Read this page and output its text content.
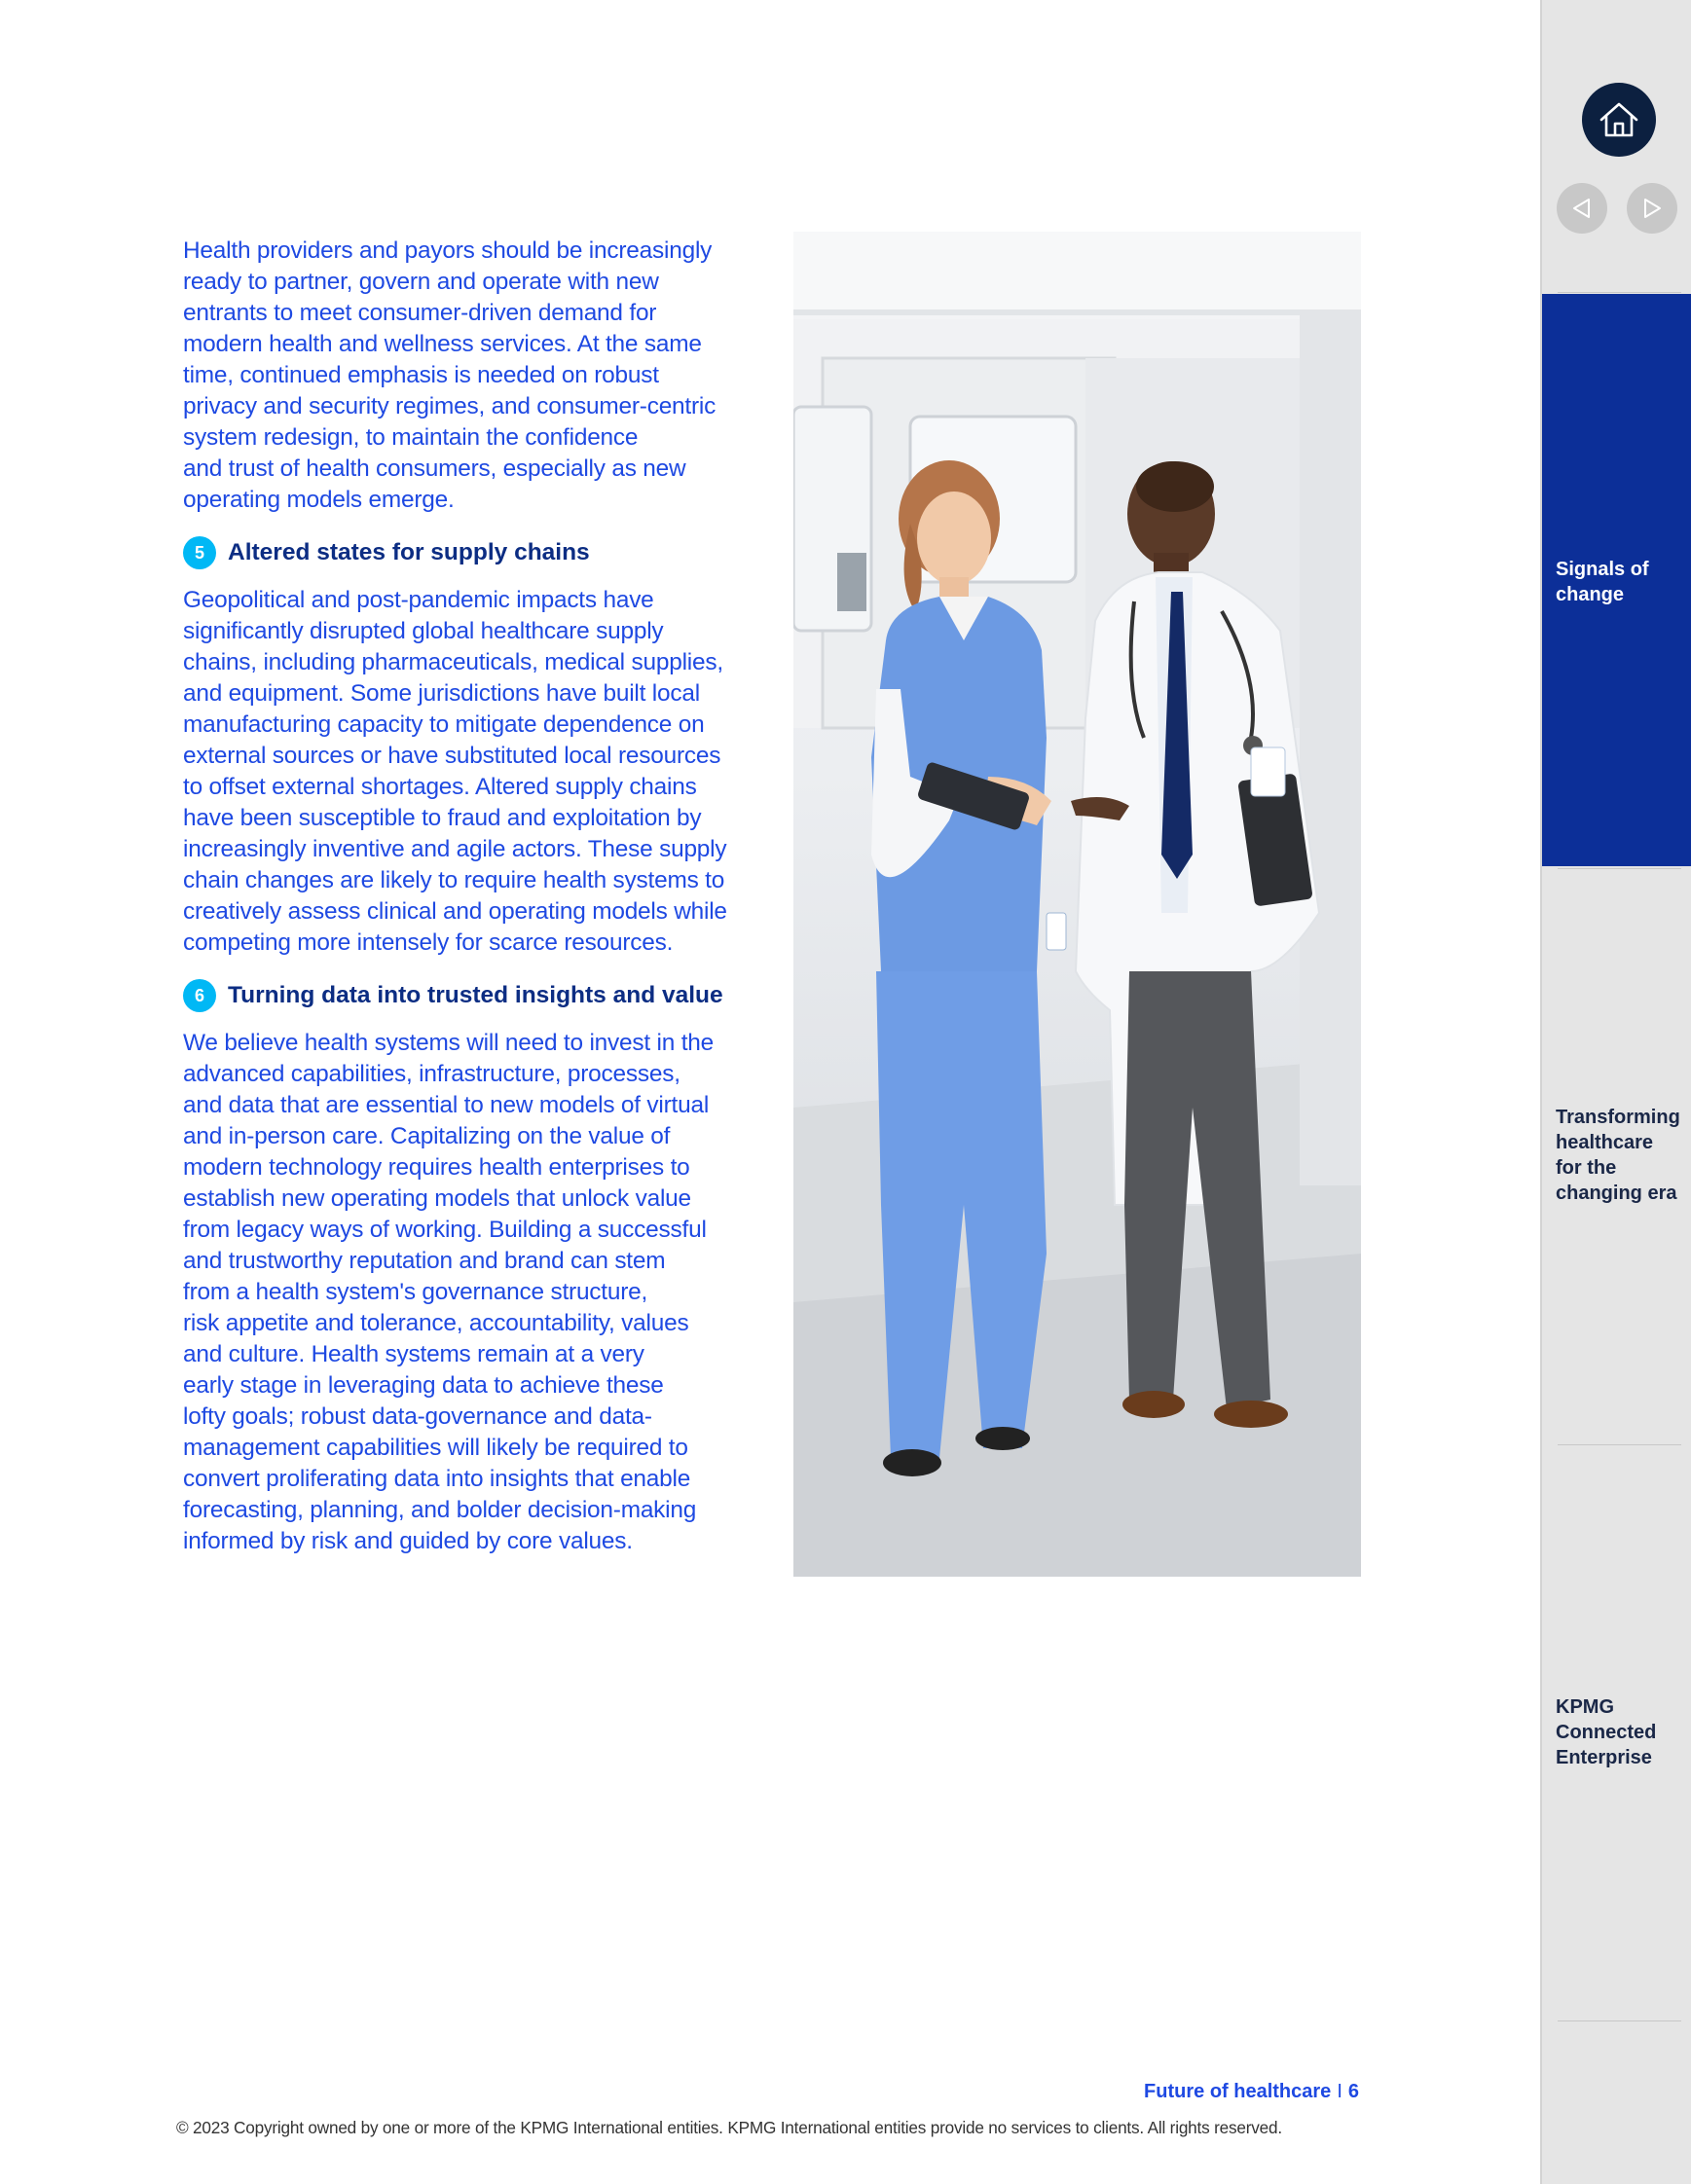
Health providers and payors should be increasingly
ready to partner, govern and operate with new
entrants to meet consumer-driven demand for
modern health and wellness services. At the same
time, continued emphasis is needed on robust
privacy and security regimes, and consumer-centric
system redesign, to maintain the confidence
and trust of health consumers, especially as new
operating models emerge.

5 Altered states for supply chains

Geopolitical and post-pandemic impacts have
significantly disrupted global healthcare supply
chains, including pharmaceuticals, medical supplies,
and equipment. Some jurisdictions have built local
manufacturing capacity to mitigate dependence on
external sources or have substituted local resources
to offset external shortages. Altered supply chains
have been susceptible to fraud and exploitation by
increasingly inventive and agile actors. These supply
chain changes are likely to require health systems to
creatively assess clinical and operating models while
competing more intensely for scarce resources.

6 Turning data into trusted insights and value

We believe health systems will need to invest in the
advanced capabilities, infrastructure, processes,
and data that are essential to new models of virtual
and in-person care. Capitalizing on the value of
modern technology requires health enterprises to
establish new operating models that unlock value
from legacy ways of working. Building a successful
and trustworthy reputation and brand can stem
from a health system's governance structure,
risk appetite and tolerance, accountability, values
and culture. Health systems remain at a very
early stage in leveraging data to achieve these
lofty goals; robust data-governance and data-
management capabilities will likely be required to
convert proliferating data into insights that enable
forecasting, planning, and bolder decision-making
informed by risk and guided by core values.

Future of healthcare I 6
© 2023 Copyright owned by one or more of the KPMG International entities. KPMG International entities provide no services to clients. All rights reserved.
Signals of
change
Transforming
healthcare
for the
changing era
KPMG
Connected
Enterprise
